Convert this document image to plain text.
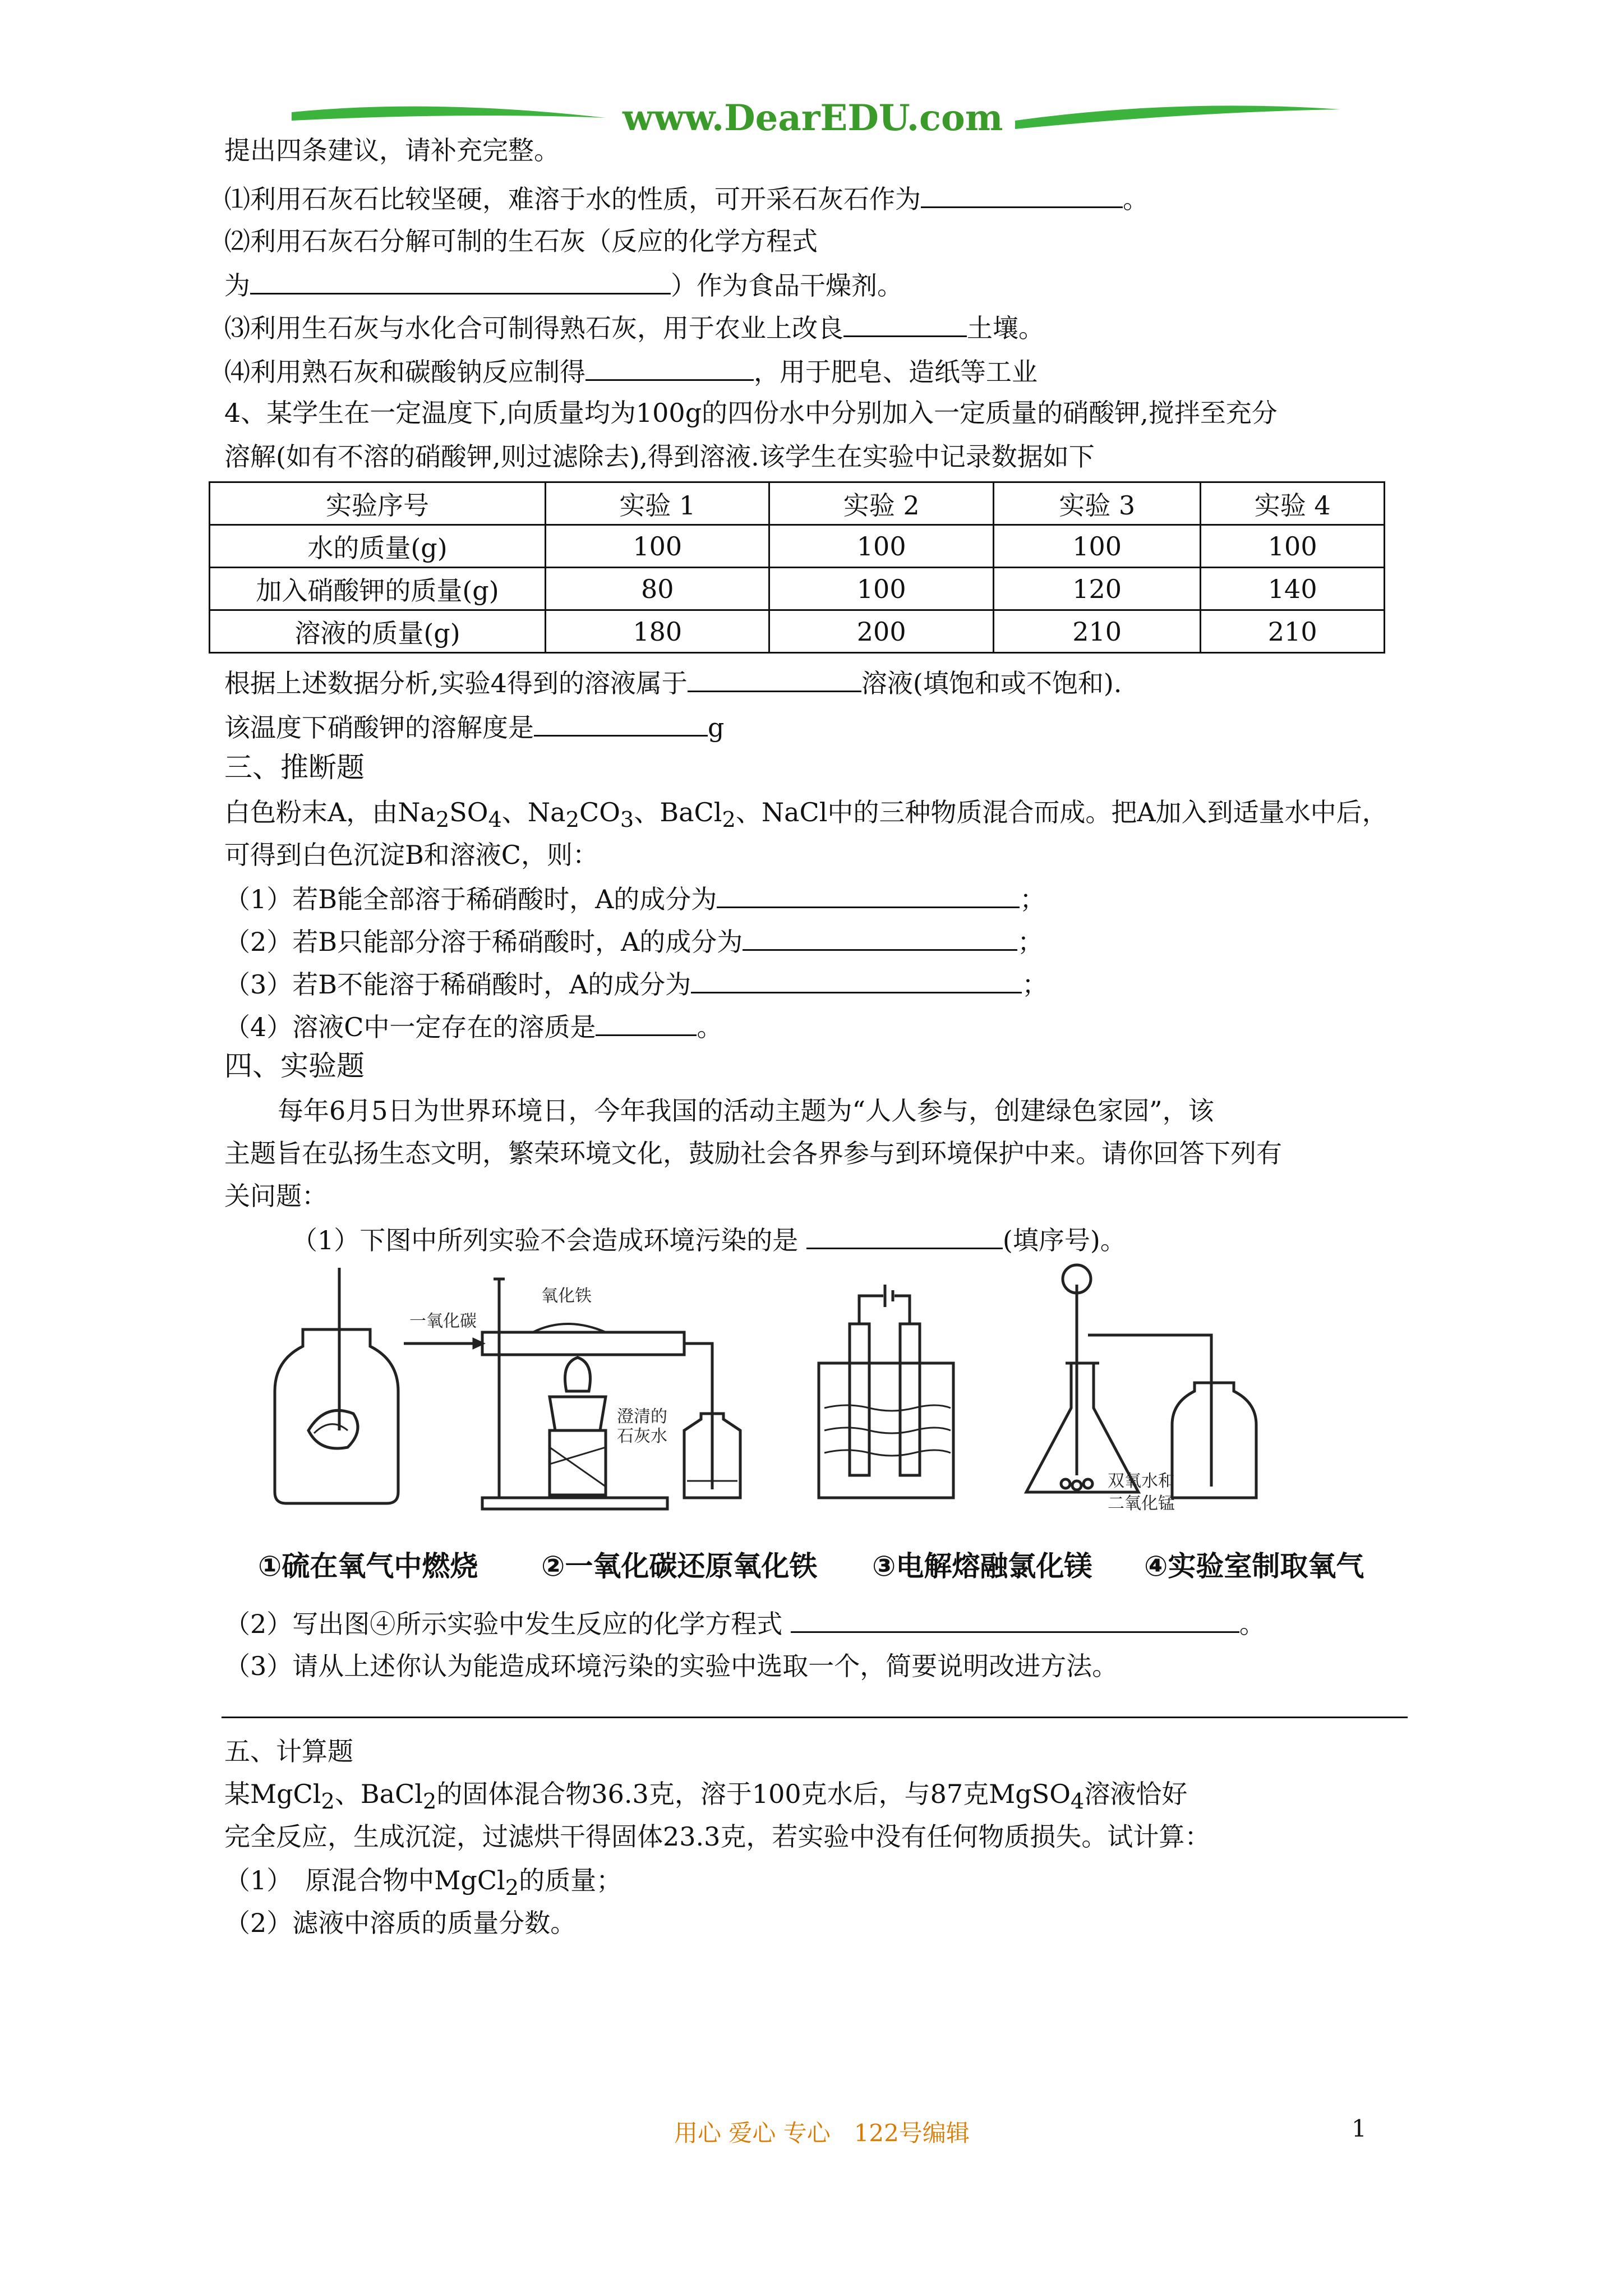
www.DearEDU.com
提出四条建议，请补充完整。
⑴利用石灰石比较坚硬，难溶于水的性质，可开采石灰石作为	。
⑵利用石灰石分解可制的生石灰（反应的化学方程式
为	）作为食品干燥剂。
⑶利用生石灰与水化合可制得熟石灰，用于农业上改良	土壤。
⑷利用熟石灰和碳酸钠反应制得	，用于肥皂、造纸等工业
4、某学生在一定温度下,向质量均为100g的四份水中分别加入一定质量的硝酸钾,搅拌至充分
溶解(如有不溶的硝酸钾,则过滤除去),得到溶液.该学生在实验中记录数据如下
实验序号	实验 1	实验 2	实验 3	实验 4
水的质量(g)	100	100	100	100
加入硝酸钾的质量(g)	80	100	120	140
溶液的质量(g)	180	200	210	210
根据上述数据分析,实验4得到的溶液属于	溶液(填饱和或不饱和).
该温度下硝酸钾的溶解度是	g
三、推断题
白色粉末A，由$Na_2SO_4$、$Na_2CO_3$、BaCl$_2$、NaCl中的三种物质混合而成。把A加入到适量水中后，
可得到白色沉淀B和溶液C，则：
（1）若B能全部溶于稀硝酸时，A的成分为	；
（2）若B只能部分溶于稀硝酸时，A的成分为	；
（3）若B不能溶于稀硝酸时，A的成分为	；
（4）溶液C中一定存在的溶质是	。
四、实验题
每年6月5日为世界环境日，今年我国的活动主题为“人人参与，创建绿色家园”，该
主题旨在弘扬生态文明，繁荣环境文化，鼓励社会各界参与到环境保护中来。请你回答下列有
关问题：
（1）下图中所列实验不会造成环境污染的是	(填序号)。
一氧化碳
氧化铁
澄清的
石灰水
双氧水和
二氧化锰
①硫在氧气中燃烧 ②一氧化碳还原氧化铁 ③电解熔融氯化镁 ④实验室制取氧气
（2）写出图④所示实验中发生反应的化学方程式	。
（3）请从上述你认为能造成环境污染的实验中选取一个，简要说明改进方法。
五、计算题
某MgCl$_2$、BaCl$_2$的固体混合物36.3克，溶于100克水后，与87克MgSO$_4$溶液恰好
完全反应，生成沉淀，过滤烘干得固体23.3克，若实验中没有任何物质损失。试计算：
（1）　原混合物中MgCl$_2$的质量；
（2）滤液中溶质的质量分数。
用心 爱心 专心　122号编辑	1
